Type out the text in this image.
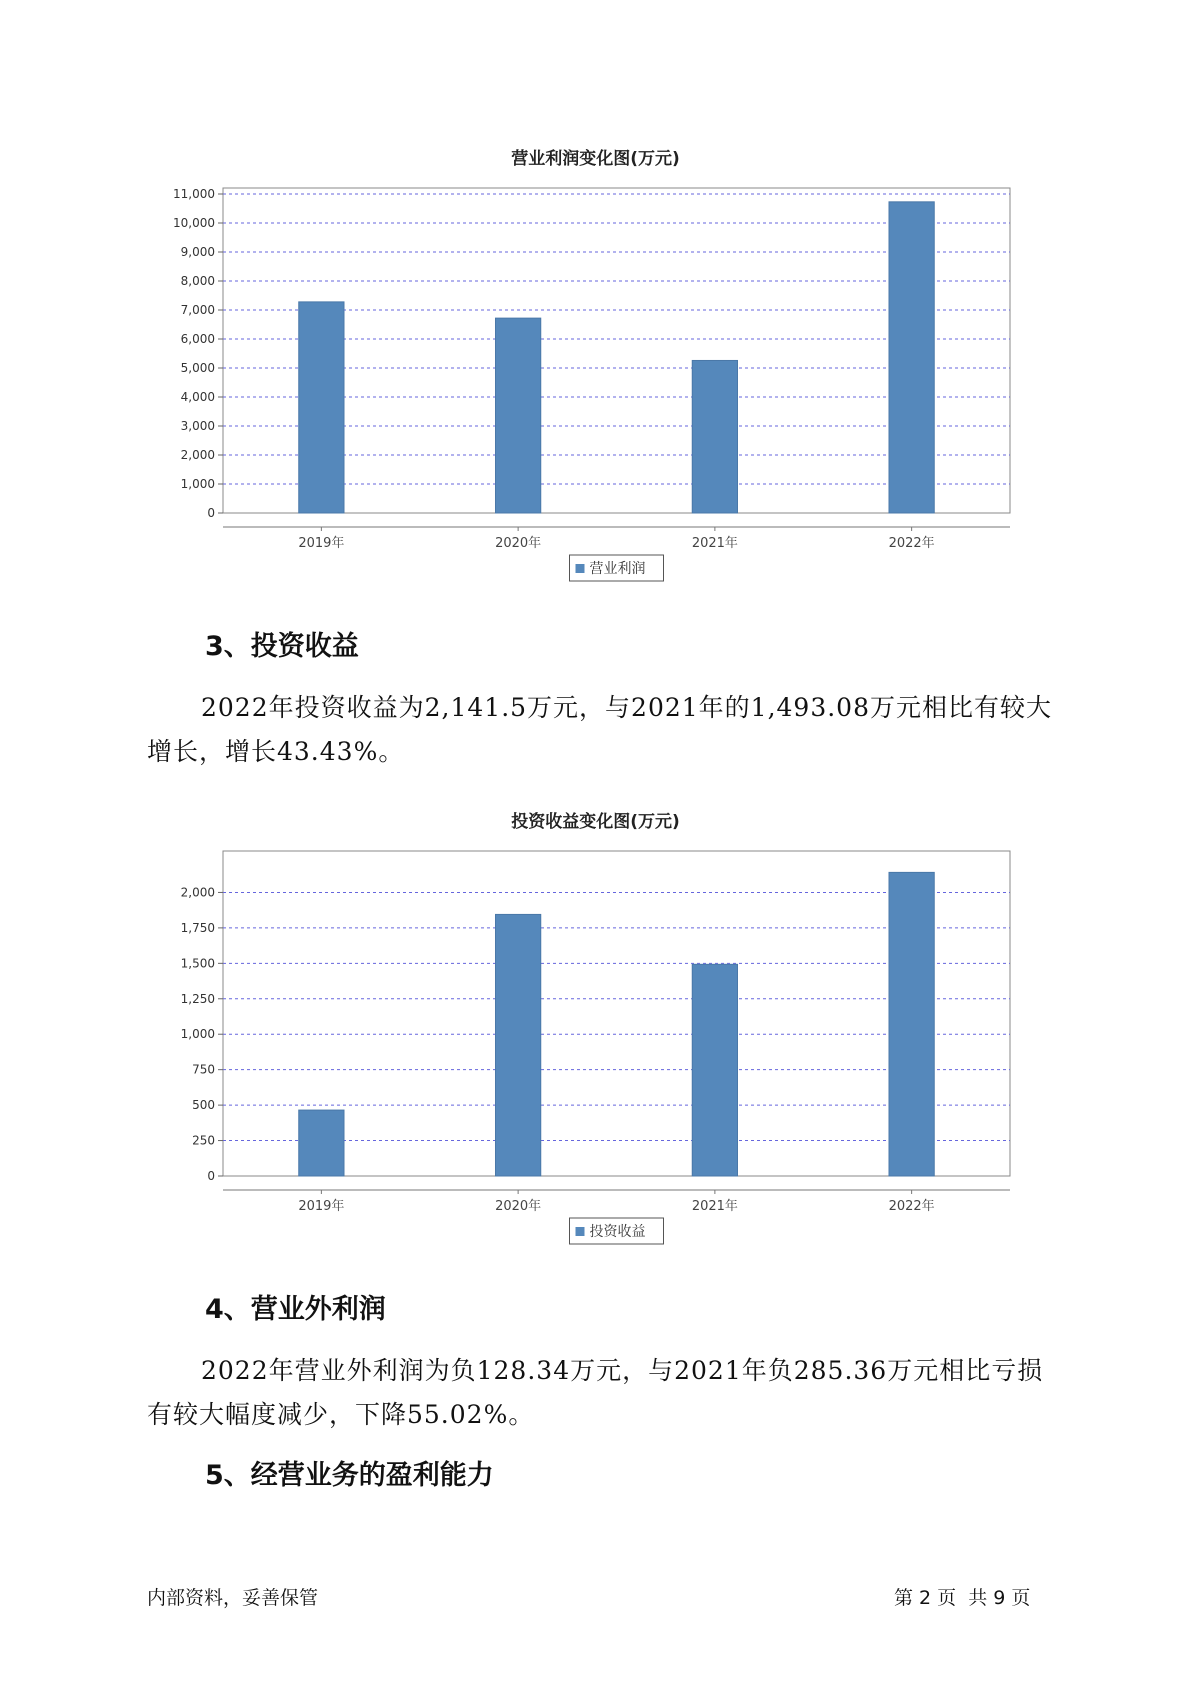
营业利润变化图(万元)
0
1,000
2,000
3,000
4,000
5,000
6,000
7,000
8,000
9,000
10,000
11,000
2019年	2020年	2021年	2022年
营业利润
3、投资收益

2022年投资收益为2,141.5万元，与2021年的1,493.08万元相比有较大增长，增长43.43%。

投资收益变化图(万元)
0
250
500
750
1,000
1,250
1,500
1,750
2,000
2019年	2020年	2021年	2022年
投资收益
4、营业外利润

2022年营业外利润为负128.34万元，与2021年负285.36万元相比亏损有较大幅度减少，下降55.02%。

5、经营业务的盈利能力
内部资料，妥善保管	第 2 页  共 9 页
